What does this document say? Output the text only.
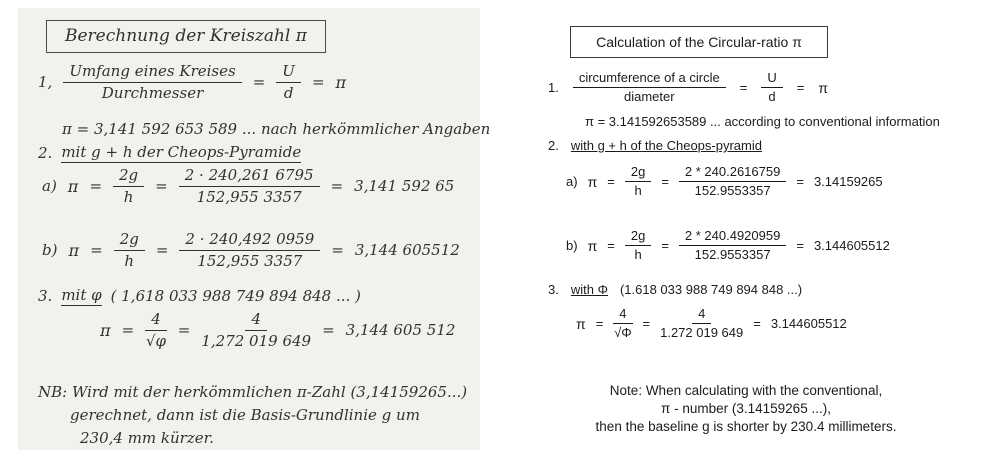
Berechnung der Kreiszahl π
1, $\frac{\text{Umfang eines Kreises}}{\text{Durchmesser}} = \frac{U}{d} = \pi$
π = 3,141 592 653 589 ... nach herkömmlicher Angaben
2. mit g + h der Cheops-Pyramide
a) $\pi = \frac{2g}{h} = \frac{2 \cdot 240,261 6795}{152,955 3357} = 3,141$ 592 65
b) $\pi = \frac{2g}{h} = \frac{2 \cdot 240,492 0959}{152,955 3357} = 3,144$ 605512
3. mit φ ( 1,618 033 988 749 894 848 ... )
$\pi = \frac{4}{√\varphi} = \frac{4}{1,272 019 649} = 3,144$ 605 512
NB: Wird mit der herkömmlichen π-Zahl (3,14159265...)
gerechnet, dann ist die Basis-Grundlinie g um
230,4 mm kürzer.
Calculation of the Circular-ratio π
1. $\frac{\text{circumference of a circle}}{\text{diameter}} = \frac{U}{d} = \pi$
π = 3.141592653589 ... according to conventional information
2. with g + h of the Cheops-pyramid
a) $\pi = \frac{2g}{h} = \frac{2 * 240.2616759}{152.9553357} = 3.14159265$
b) $\pi = \frac{2g}{h} = \frac{2 * 240.4920959}{152.9553357} = 3.144605512$
3. with Φ (1.618 033 988 749 894 848 ...)
$\pi = \frac{4}{√\Phi} = \frac{4}{1.272 019 649} = 3.144605512$
Note: When calculating with the conventional,
π - number (3.14159265 ...),
then the baseline g is shorter by 230.4 millimeters.
